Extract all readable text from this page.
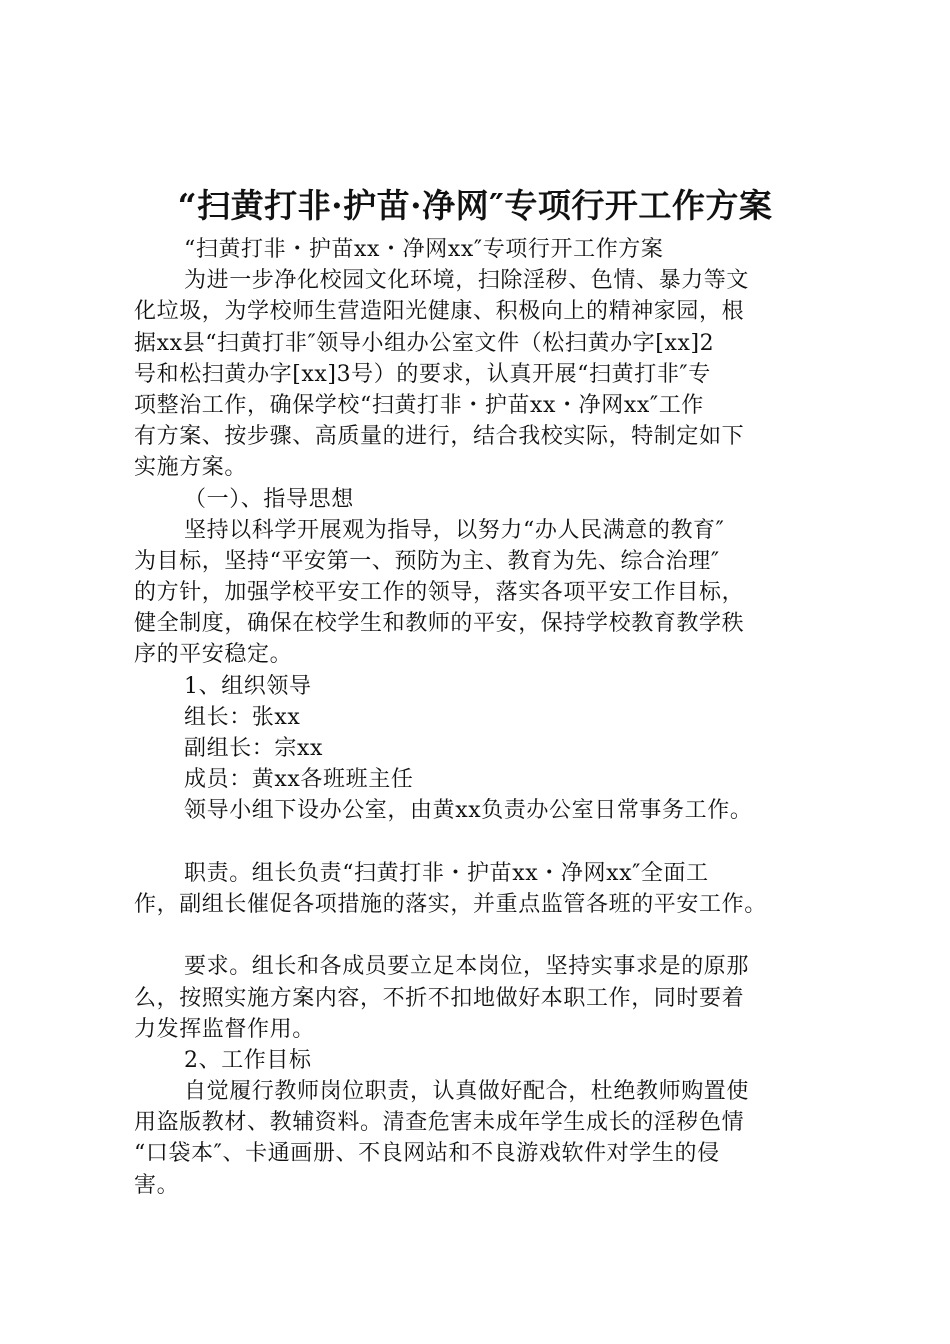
“扫黄打非·护苗·净网″专项行开工作方案
“扫黄打非・护苗xx・净网xx″专项行开工作方案
为进一步净化校园文化环境，扫除淫秽、色情、暴力等文
化垃圾，为学校师生营造阳光健康、积极向上的精神家园，根
据xx县“扫黄打非″领导小组办公室文件（松扫黄办字[xx]2
号和松扫黄办字[xx]3号）的要求，认真开展“扫黄打非″专
项整治工作，确保学校“扫黄打非・护苗xx・净网xx″工作
有方案、按步骤、高质量的进行，结合我校实际，特制定如下
实施方案。
（一）、指导思想
坚持以科学开展观为指导，以努力“办人民满意的教育″
为目标，坚持“平安第一、预防为主、教育为先、综合治理″
的方针，加强学校平安工作的领导，落实各项平安工作目标，
健全制度，确保在校学生和教师的平安，保持学校教育教学秩
序的平安稳定。
1、组织领导
组长：张xx
副组长：宗xx
成员：黄xx各班班主任
领导小组下设办公室，由黄xx负责办公室日常事务工作。
职责。组长负责“扫黄打非・护苗xx・净网xx″全面工
作，副组长催促各项措施的落实，并重点监管各班的平安工作。
要求。组长和各成员要立足本岗位，坚持实事求是的原那
么，按照实施方案内容，不折不扣地做好本职工作，同时要着
力发挥监督作用。
2、工作目标
自觉履行教师岗位职责，认真做好配合，杜绝教师购置使
用盗版教材、教辅资料。清查危害未成年学生成长的淫秽色情
“口袋本″、卡通画册、不良网站和不良游戏软件对学生的侵
害。
